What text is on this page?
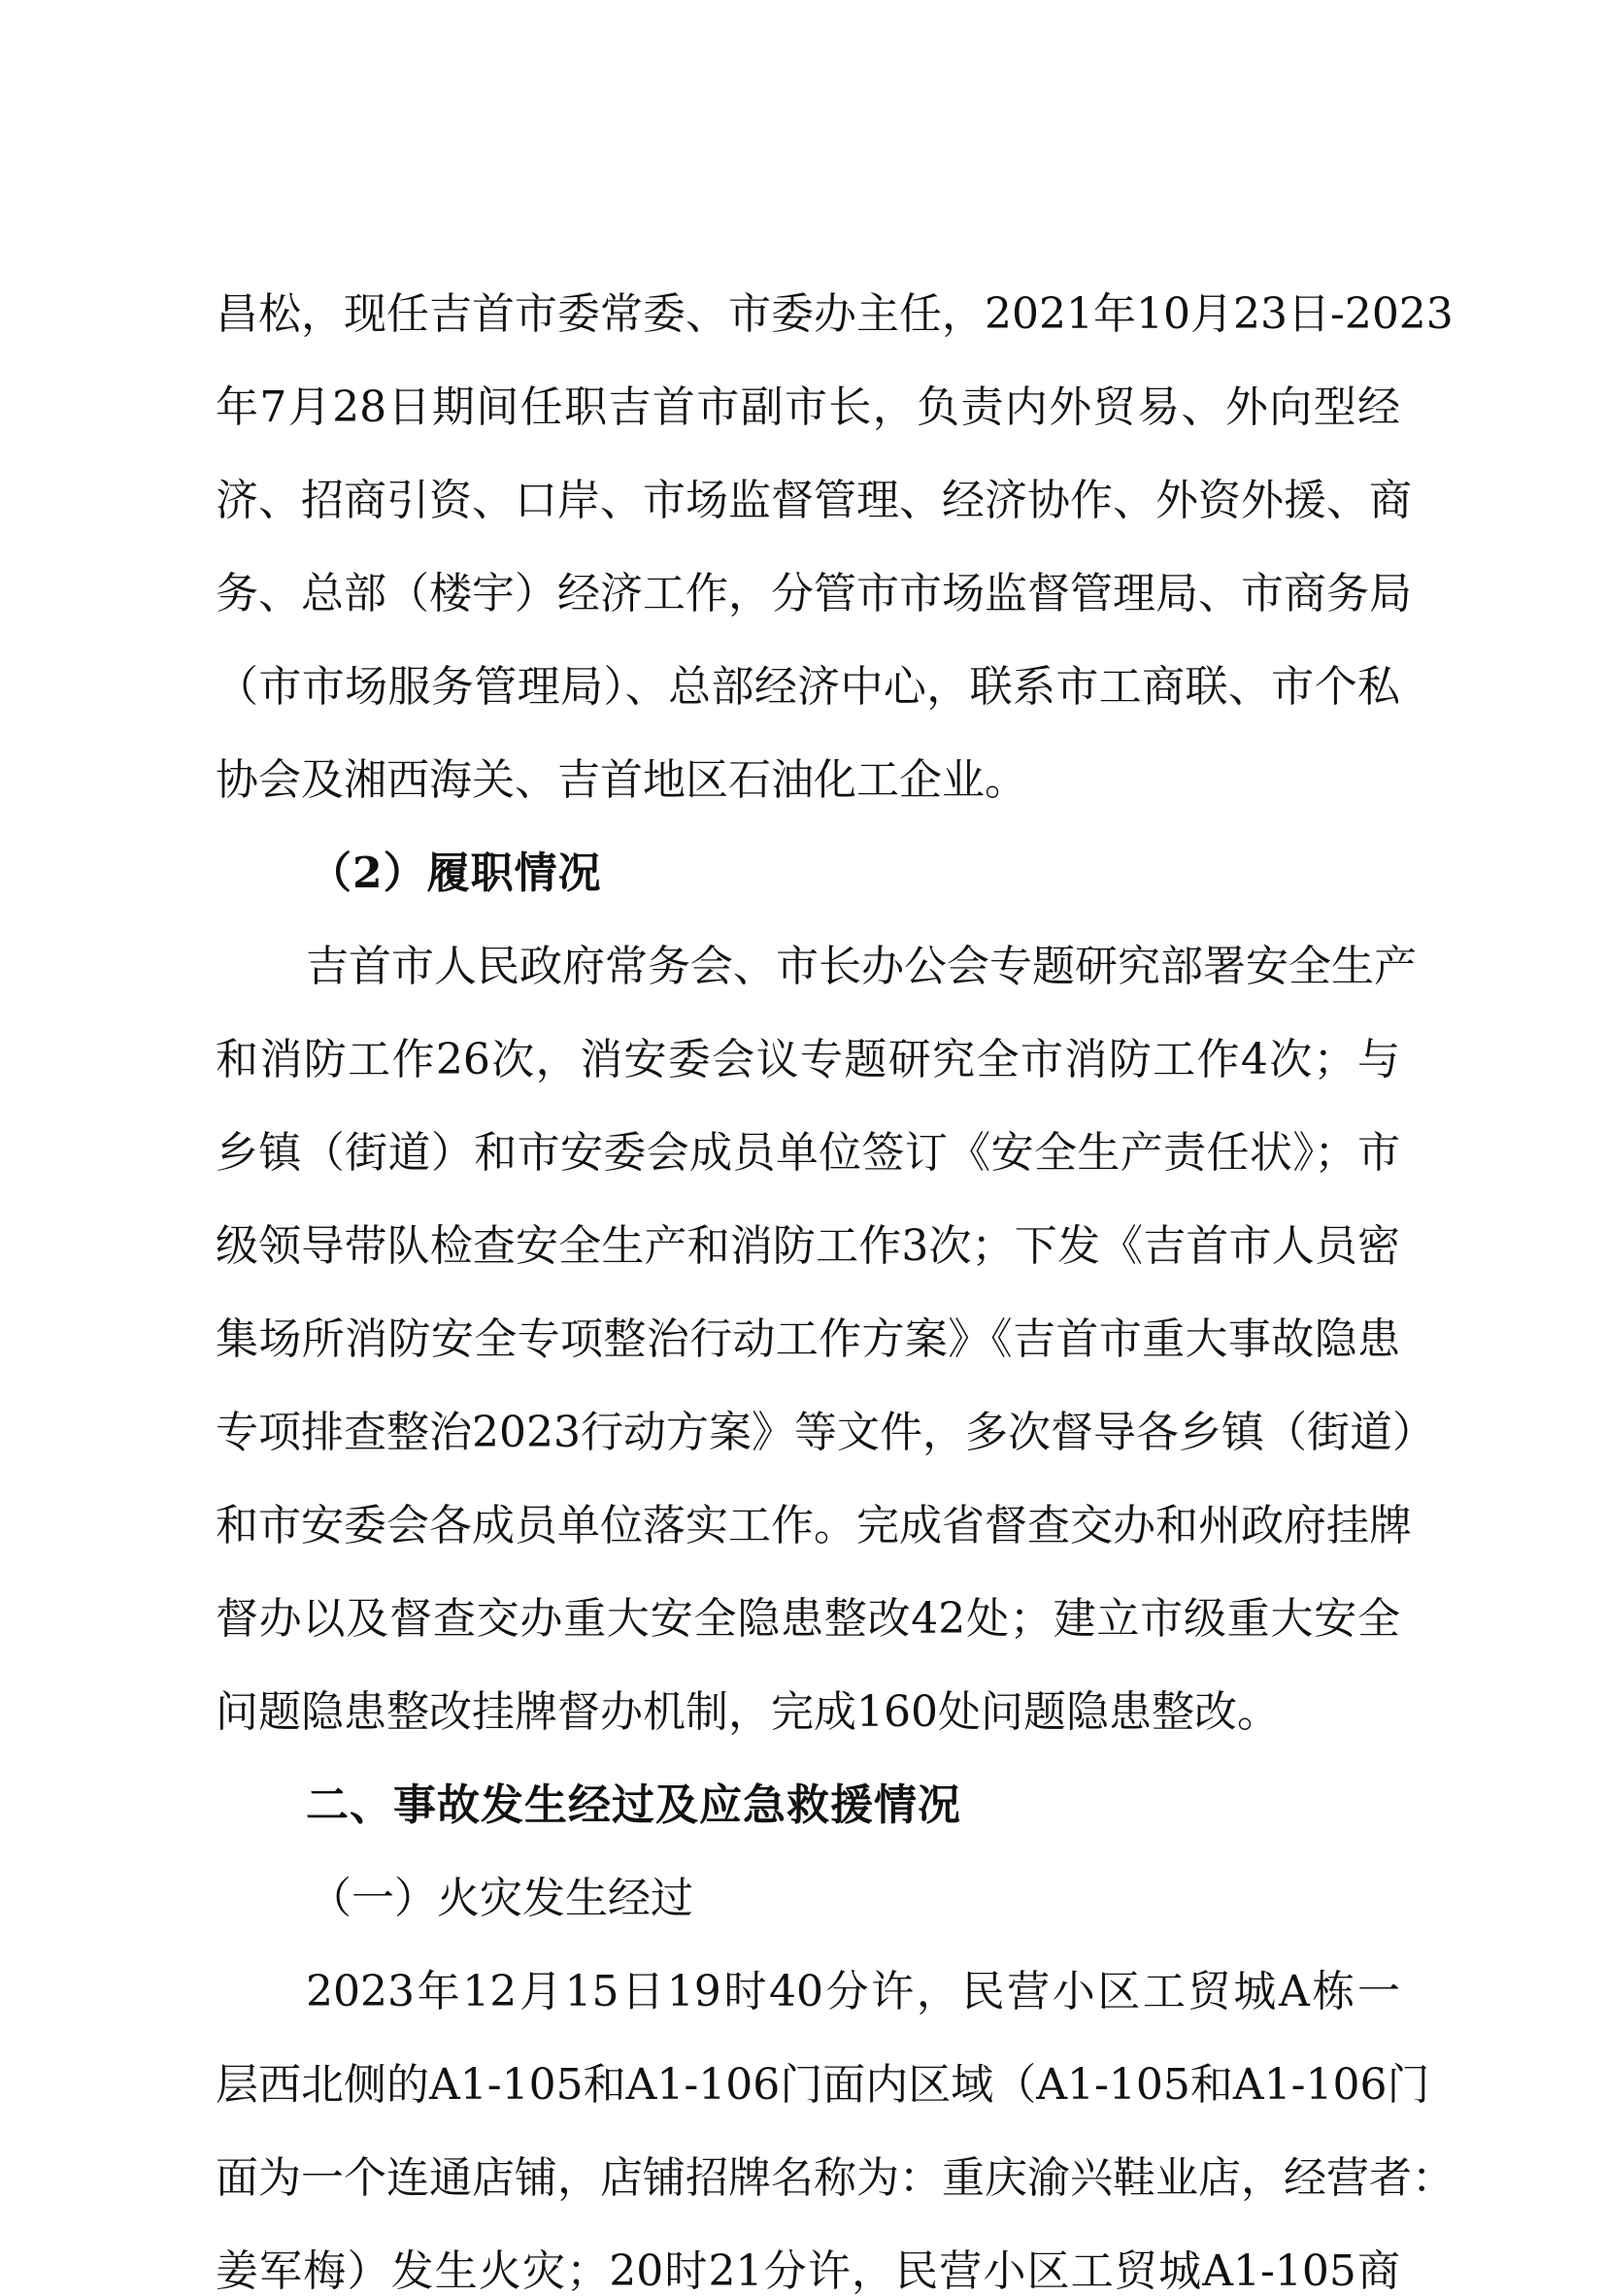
昌松，现任吉首市委常委、市委办主任，2021年10月23日-2023
年7月28日期间任职吉首市副市长，负责内外贸易、外向型经
济、招商引资、口岸、市场监督管理、经济协作、外资外援、商
务、总部（楼宇）经济工作，分管市市场监督管理局、市商务局
（市市场服务管理局）、总部经济中心，联系市工商联、市个私
协会及湘西海关、吉首地区石油化工企业。
（2）履职情况
吉首市人民政府常务会、市长办公会专题研究部署安全生产
和消防工作26次，消安委会议专题研究全市消防工作4次；与
乡镇（街道）和市安委会成员单位签订《安全生产责任状》；市
级领导带队检查安全生产和消防工作3次；下发《吉首市人员密
集场所消防安全专项整治行动工作方案》《吉首市重大事故隐患
专项排查整治2023行动方案》等文件，多次督导各乡镇（街道）
和市安委会各成员单位落实工作。完成省督查交办和州政府挂牌
督办以及督查交办重大安全隐患整改42处；建立市级重大安全
问题隐患整改挂牌督办机制，完成160处问题隐患整改。
二、事故发生经过及应急救援情况
（一）火灾发生经过
2023年12月15日19时40分许，民营小区工贸城A栋一
层西北侧的A1-105和A1-106门面内区域（A1-105和A1-106门
面为一个连通店铺，店铺招牌名称为：重庆渝兴鞋业店，经营者：
姜军梅）发生火灾；20时21分许，民营小区工贸城A1-105商
